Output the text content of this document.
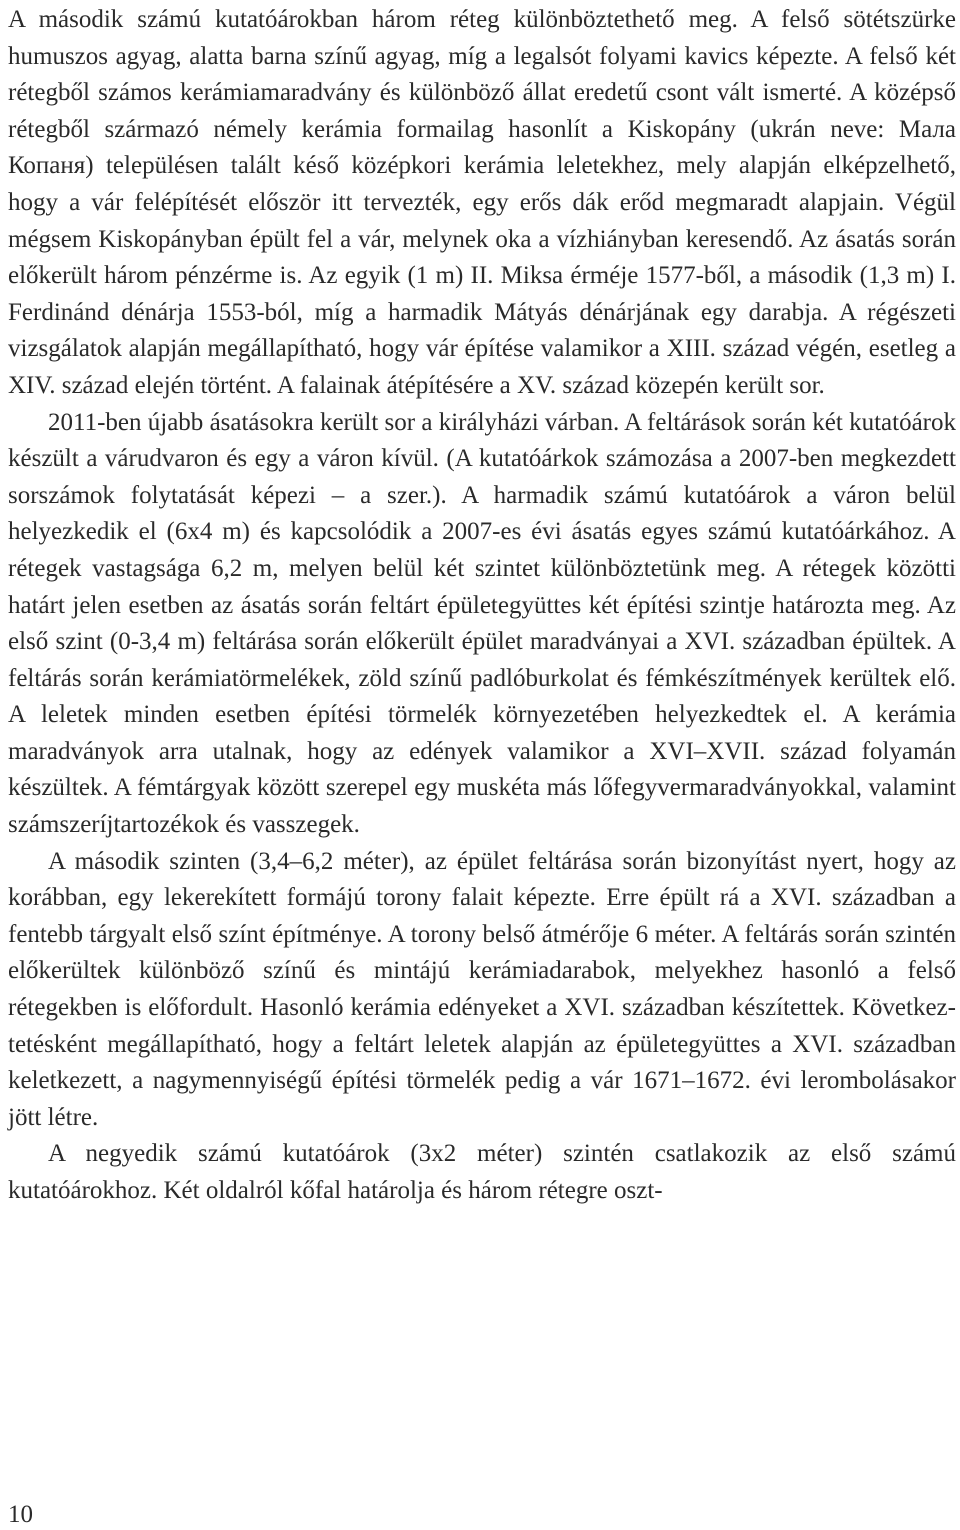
A második számú kutatóárokban három réteg különböztethető meg. A felső sötétszürke humuszos agyag, alatta barna színű agyag, míg a legalsót folyami kavics képezte. A felső két rétegből számos kerámiamaradvány és különböző állat eredetű csont vált ismerté. A középső rétegből származó némely kerámia formailag hasonlít a Kiskopány (ukrán neve: Мала Копаня) településen talált késő középkori kerámia leletekhez, mely alapján elképzelhető, hogy a vár felépítését először itt tervezték, egy erős dák erőd megmaradt alapjain. Végül mégsem Kiskopányban épült fel a vár, melynek oka a vízhiányban keresendő. Az ásatás során előkerült három pénzérme is. Az egyik (1 m) II. Miksa érméje 1577-ből, a második (1,3 m) I. Ferdinánd dénárja 1553-ból, míg a harmadik Mátyás dénárjának egy darabja. A régészeti vizsgálatok alapján megállapítható, hogy vár építése valamikor a XIII. század végén, esetleg a XIV. század elején történt. A falainak átépítésére a XV. század közepén került sor.

2011-ben újabb ásatásokra került sor a királyházi várban. A feltárások során két kutatóárok készült a várudvaron és egy a váron kívül. (A kutatóárkok számozása a 2007-ben megkezdett sorszámok folytatását képezi – a szer.). A harmadik számú kutatóárok a váron belül helyezkedik el (6x4 m) és kapcsolódik a 2007-es évi ásatás egyes számú kutatóárkához. A rétegek vastagsága 6,2 m, melyen belül két szintet különböztetünk meg. A rétegek közötti határt jelen esetben az ásatás során feltárt épületegyüttes két építési szintje határozta meg. Az első szint (0-3,4 m) feltárása során előkerült épület maradványai a XVI. században épültek. A feltárás során kerámiatörmelékek, zöld színű padlóburkolat és fémkészítmények kerültek elő. A leletek minden esetben építési törmelék környezetében helyezkedtek el. A kerámia maradványok arra utalnak, hogy az edények valamikor a XVI–XVII. század folyamán készültek. A fémtárgyak között szerepel egy muskéta más lőfegyvermaradványokkal, valamint számszeríjtartozékok és vasszegek.

A második szinten (3,4–6,2 méter), az épület feltárása során bizonyítást nyert, hogy az korábban, egy lekerekített formájú torony falait képezte. Erre épült rá a XVI. században a fentebb tárgyalt első színt építménye. A torony belső átmérője 6 méter. A feltárás során szintén előkerültek különböző színű és mintájú kerámiadarabok, melyekhez hasonló a felső rétegekben is előfordult. Hasonló kerámia edényeket a XVI. században készítettek. Következtetésként megállapítható, hogy a feltárt leletek alapján az épületegyüttes a XVI. században keletkezett, a nagymennyiségű építési törmelék pedig a vár 1671–1672. évi lerombolásakor jött létre.

A negyedik számú kutatóárok (3x2 méter) szintén csatlakozik az első számú kutatóárokhoz. Két oldalról kőfal határolja és három rétegre oszt-

10
